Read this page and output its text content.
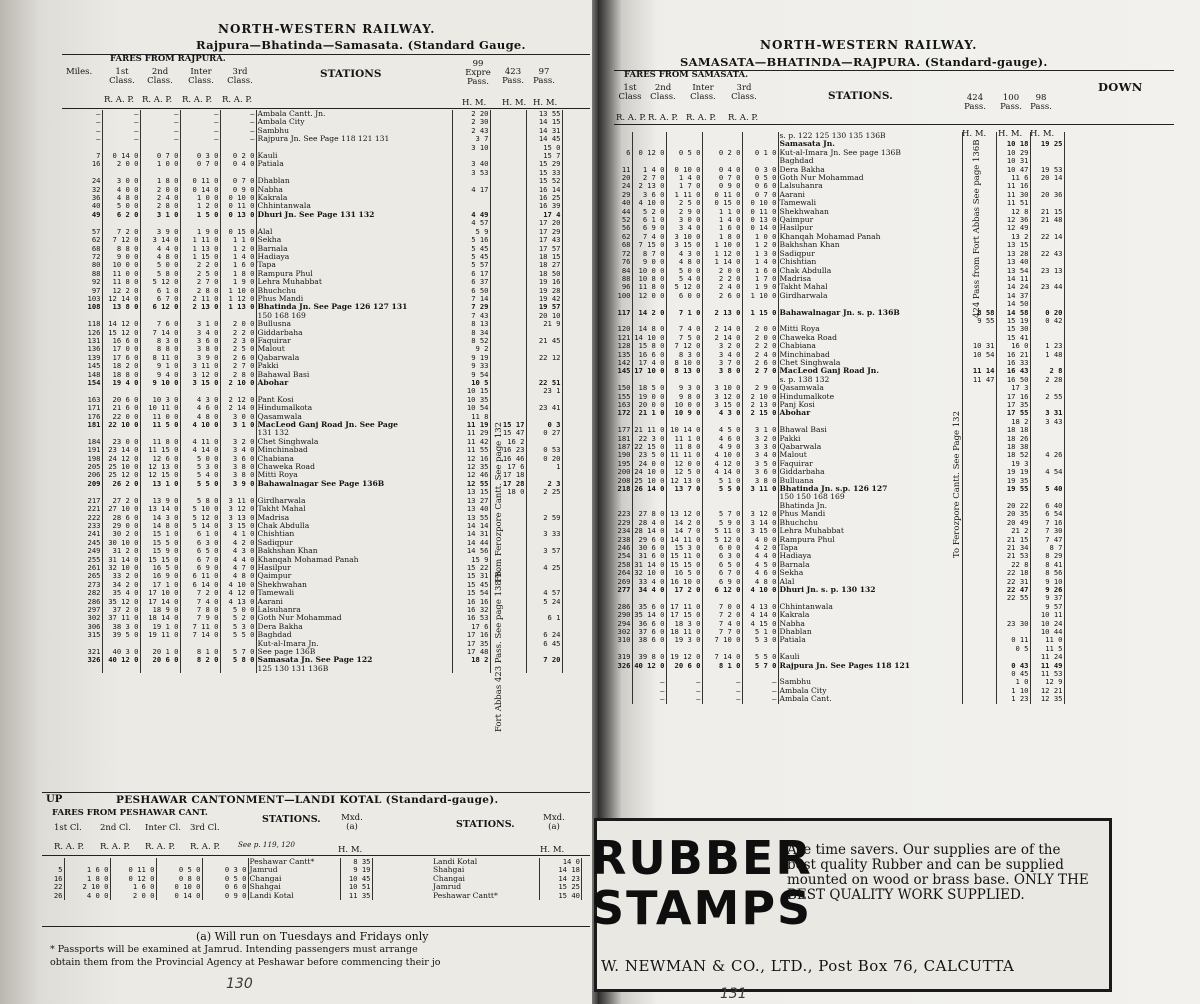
NORTH-WESTERN RAILWAY.
Rajpura—Bhatinda—Samasata. (Standard Gauge.
Miles.
FARES FROM RAJPURA.
1st Class.
2nd Class.
Inter Class.
3rd Class.
STATIONS
99 Expre Pass.
423 Pass.
97 Pass.
R. A. P. R. A. P. R. A. P. R. A. P.	H. M. H. M. H. M.
—	—	—	—	—	Ambala Cantt. Jn.	2 20		13 55
—	—	—	—	—	Ambala City	2 30		14 15
—	—	—	—	—	Sambhu	2 43		14 31
—	—	—	—	—	Rajpura Jn. See Page 118 121 131	3 7		14 45
						3 10		15 0
7	0 14 0	0 7 0	0 3 0	0 2 0	Kauli			15 7
16	2 0 0	1 0 0	0 7 0	0 4 0	Patiala	3 40		15 29
						3 53		15 33
24	3 0 0	1 8 0	0 11 0	0 7 0	Dhablan			15 52
32	4 0 0	2 0 0	0 14 0	0 9 0	Nabha	4 17		16 14
36	4 8 0	2 4 0	1 0 0	0 10 0	Kakrala			16 25
40	5 0 0	2 8 0	1 2 0	0 11 0	Chhintanwala			16 39
49	6 2 0	3 1 0	1 5 0	0 13 0	Dhuri Jn. See Page 131 132	4 49		17 4
						4 57		17 20
57	7 2 0	3 9 0	1 9 0	0 15 0	Alal	5 9		17 29
62	7 12 0	3 14 0	1 11 0	1 1 0	Sekha	5 16		17 43
68	8 8 0	4 4 0	1 13 0	1 2 0	Barnala	5 45		17 57
72	9 0 0	4 8 0	1 15 0	1 4 0	Hadiaya	5 45		18 15
80	10 0 0	5 0 0	2 2 0	1 6 0	Tapa	5 57		18 27
88	11 0 0	5 8 0	2 5 0	1 8 0	Rampura Phul	6 17		18 50
92	11 8 0	5 12 0	2 7 0	1 9 0	Lehra Muhabbat	6 37		19 16
97	12 2 0	6 1 0	2 8 0	1 10 0	Bhuchchu	6 50		19 28
103	12 14 0	6 7 0	2 11 0	1 12 0	Phus Mandi	7 14		19 42
108	13 8 0	6 12 0	2 13 0	1 13 0	Bhatinda Jn. See Page 126 127 131	7 29		19 57
					150 168 169	7 43		20 10
118	14 12 0	7 6 0	3 1 0	2 0 0	Bullusna	8 13		21 9
126	15 12 0	7 14 0	3 4 0	2 2 0	Giddarbaha	8 34		
131	16 6 0	8 3 0	3 6 0	2 3 0	Faquirar	8 52		21 45
136	17 0 0	8 8 0	3 8 0	2 5 0	Malout	9 2		
139	17 6 0	8 11 0	3 9 0	2 6 0	Qabarwala	9 19		22 12
145	18 2 0	9 1 0	3 11 0	2 7 0	Pakki	9 33		
148	18 8 0	9 4 0	3 12 0	2 8 0	Bahawal Basi	9 54		
154	19 4 0	9 10 0	3 15 0	2 10 0	Abohar	10 5		22 51
						10 15		23 1
163	20 6 0	10 3 0	4 3 0	2 12 0	Pant Kosi	10 35		
171	21 6 0	10 11 0	4 6 0	2 14 0	Hindumalkota	10 54		23 41
176	22 0 0	11 0 0	4 8 0	3 0 0	Qasamwala	11 8		
181	22 10 0	11 5 0	4 10 0	3 1 0	MacLeod Ganj Road Jn. See Page	11 19	15 17	0 3
					131 132	11 29	15 47	0 27
184	23 0 0	11 8 0	4 11 0	3 2 0	Chet Singhwala	11 42	16 2	
191	23 14 0	11 15 0	4 14 0	3 4 0	Minchinabad	11 55	16 23	0 53
198	24 12 0	12 6 0	5 0 0	3 6 0	Chabiana	12 16	16 46	0 20
205	25 10 0	12 13 0	5 3 0	3 8 0	Chaweka Road	12 35	17 6	1
206	25 12 0	12 15 0	5 4 0	3 8 0	Mitti Roya	12 46	17 18	
209	26 2 0	13 1 0	5 5 0	3 9 0	Bahawalnagar See Page 136B	12 55	17 28	2 3
						13 15	18 0	2 25
217	27 2 0	13 9 0	5 8 0	3 11 0	Girdharwala	13 27		
221	27 10 0	13 14 0	5 10 0	3 12 0	Takht Mahal	13 40		
222	28 6 0	14 3 0	5 12 0	3 13 0	Madrisa	13 55		2 59
233	29 0 0	14 8 0	5 14 0	3 15 0	Chak Abdulla	14 14		
241	30 2 0	15 1 0	6 1 0	4 1 0	Chishtian	14 31		3 33
245	30 10 0	15 5 0	6 3 0	4 2 0	Sadiqpur	14 44		
249	31 2 0	15 9 0	6 5 0	4 3 0	Bakhshan Khan	14 56		3 57
255	31 14 0	15 15 0	6 7 0	4 4 0	Khanqah Mohamad Panah	15 9		
261	32 10 0	16 5 0	6 9 0	4 7 0	Hasilpur	15 22		4 25
265	33 2 0	16 9 0	6 11 0	4 8 0	Qaimpur	15 31		
273	34 2 0	17 1 0	6 14 0	4 10 0	Shekhwahan	15 45		
282	35 4 0	17 10 0	7 2 0	4 12 0	Tamewali	15 54		4 57
286	35 12 0	17 14 0	7 4 0	4 13 0	Aarani	16 16		5 24
297	37 2 0	18 9 0	7 8 0	5 0 0	Lalsuhanra	16 32		
302	37 11 0	18 14 0	7 9 0	5 2 0	Goth Nur Mohammad	16 53		6 1
306	38 3 0	19 1 0	7 11 0	5 3 0	Dera Bakha	17 6		
315	39 5 0	19 11 0	7 14 0	5 5 0	Baghdad	17 16		6 24
					Kut-al-Imara Jn.	17 35		6 45
321	40 3 0	20 1 0	8 1 0	5 7 0	See page 136B	17 48		
326	40 12 0	20 6 0	8 2 0	5 8 0	Samasata Jn. See Page 122	18 2		7 20
					125 130 131 136B			
From Ferozpore Cantt. See page 132
Fort Abbas 423 Pass. See page 138 B.
UP	PESHAWAR CANTONMENT—LANDI KOTAL (Standard-gauge).
FARES FROM PESHAWAR CANT.
1st Cl. 2nd Cl. Inter Cl. 3rd Cl.
R. A. P. R. A. P. R. A. P. R. A. P.
STATIONS. Mxd. (a)
H. M.
STATIONS.
Mxd. (a)
H. M.
See p. 119, 120
					Peshawar Cantt*	8 35
5	1 6 0	0 11 0	0 5 0	0 3 0	Jamrud	9 19
16	1 8 0	0 12 0	0 8 0	0 5 0	Changai	10 45
22	2 10 0	1 6 0	0 10 0	0 6 0	Shahgai	10 51
26	4 0 0	2 0 0	0 14 0	0 9 0	Landi Kotal	11 35
Landi Kotal	14 0
Shahgai	14 18
Changai	14 23
Jamrud	15 25
Peshawar Cantt*	15 40
(a) Will run on Tuesdays and Fridays only
* Passports will be examined at Jamrud. Intending passengers must arrange
obtain them from the Provincial Agency at Peshawar before commencing their jo
130
NORTH-WESTERN RAILWAY.
SAMASATA—BHATINDA—RAJPURA. (Standard-gauge).
DOWN
FARES FROM SAMASATA.
1st Class
2nd Class.
Inter Class.
3rd Class.	STATIONS.	424 Pass.
100 Pass.
98 Pass.
R. A. P. R. A. P. R. A. P. R. A. P.
H. M. H. M. H. M.
					s. p. 122 125 130 135 136B			
					Samasata Jn.		10 18	19 25
6	0 12 0	0 5 0	0 2 0	0 1 0	Kut-al-Imara Jn. See page 136B		10 29	
					Baghdad		10 31	
11	1 4 0	0 10 0	0 4 0	0 3 0	Dera Bakha		10 47	19 53
20	2 7 0	1 4 0	0 7 0	0 5 0	Goth Nur Mohammad		11 6	20 14
24	2 13 0	1 7 0	0 9 0	0 6 0	Lalsuhanra		11 16	
29	3 6 0	1 11 0	0 11 0	0 7 0	Aarani		11 30	20 36
40	4 10 0	2 5 0	0 15 0	0 10 0	Tamewali		11 51	
44	5 2 0	2 9 0	1 1 0	0 11 0	Shekhwahan		12 8	21 15
52	6 1 0	3 0 0	1 4 0	0 13 0	Qaimpur		12 36	21 48
56	6 9 0	3 4 0	1 6 0	0 14 0	Hasilpur		12 49	
62	7 4 0	3 10 0	1 8 0	1 0 0	Khanqah Mohamad Panah		13 2	22 14
68	7 15 0	3 15 0	1 10 0	1 2 0	Bakhshan Khan		13 15	
72	8 7 0	4 3 0	1 12 0	1 3 0	Sadiqpur		13 28	22 43
76	9 0 0	4 8 0	1 14 0	1 4 0	Chishtian		13 40	
84	10 0 0	5 0 0	2 0 0	1 6 0	Chak Abdulla		13 54	23 13
88	10 8 0	5 4 0	2 2 0	1 7 0	Madrisa		14 11	
96	11 8 0	5 12 0	2 4 0	1 9 0	Takht Mahal		14 24	23 44
100	12 0 0	6 0 0	2 6 0	1 10 0	Girdharwala		14 37	
							14 50	
117	14 2 0	7 1 0	2 13 0	1 15 0	Bahawalnagar Jn. s. p. 136B	8 58	14 58	0 20
						9 55	15 19	0 42
120	14 8 0	7 4 0	2 14 0	2 0 0	Mitti Roya		15 30	
121	14 10 0	7 5 0	2 14 0	2 0 0	Chaweka Road		15 41	
128	15 8 0	7 12 0	3 2 0	2 2 0	Chabiana	10 31	16 0	1 23
135	16 6 0	8 3 0	3 4 0	2 4 0	Minchinabad	10 54	16 21	1 48
142	17 4 0	8 10 0	3 7 0	2 6 0	Chet Singhwala		16 33	
145	17 10 0	8 13 0	3 8 0	2 7 0	MacLeod Ganj Road Jn.	11 14	16 43	2 8
					s. p. 138 132	11 47	16 50	2 28
150	18 5 0	9 3 0	3 10 0	2 9 0	Qasamwala		17 3	
155	19 0 0	9 8 0	3 12 0	2 10 0	Hindumalkote		17 16	2 55
163	20 0 0	10 0 0	3 15 0	2 13 0	Panj Kosi		17 35	
172	21 1 0	10 9 0	4 3 0	2 15 0	Abohar		17 55	3 31
							18 2	3 43
177	21 11 0	10 14 0	4 5 0	3 1 0	Bhawal Basi		18 18	
181	22 3 0	11 1 0	4 6 0	3 2 0	Pakki		18 26	
187	22 15 0	11 8 0	4 9 0	3 3 0	Qabarwala		18 38	
190	23 5 0	11 11 0	4 10 0	3 4 0	Malout		18 52	4 26
195	24 0 0	12 0 0	4 12 0	3 5 0	Faquirar		19 3	
200	24 10 0	12 5 0	4 14 0	3 6 0	Giddarbaha		19 19	4 54
208	25 10 0	12 13 0	5 1 0	3 8 0	Bulluana		19 35	
218	26 14 0	13 7 0	5 5 0	3 11 0	Bhatinda Jn. s.p. 126 127		19 55	5 40
					150 150 168 169			
					Bhatinda Jn.		20 22	6 40
223	27 8 0	13 12 0	5 7 0	3 12 0	Phus Mandi		20 35	6 54
229	28 4 0	14 2 0	5 9 0	3 14 0	Bhuchchu		20 49	7 16
234	28 14 0	14 7 0	5 11 0	3 15 0	Lehra Muhabbat		21 2	7 30
238	29 6 0	14 11 0	5 12 0	4 0 0	Rampura Phul		21 15	7 47
246	30 6 0	15 3 0	6 0 0	4 2 0	Tapa		21 34	8 7
254	31 6 0	15 11 0	6 3 0	4 4 0	Hadiaya		21 53	8 29
258	31 14 0	15 15 0	6 5 0	4 5 0	Barnala		22 8	8 41
264	32 10 0	16 5 0	6 7 0	4 6 0	Sekha		22 18	8 56
269	33 4 0	16 10 0	6 9 0	4 8 0	Alal		22 31	9 10
277	34 4 0	17 2 0	6 12 0	4 10 0	Dhuri Jn. s. p. 130 132		22 47	9 26
							22 55	9 37
286	35 6 0	17 11 0	7 0 0	4 13 0	Chhintanwala			9 57
290	35 14 0	17 15 0	7 2 0	4 14 0	Kakrala			10 11
294	36 6 0	18 3 0	7 4 0	4 15 0	Nabha		23 30	10 24
302	37 6 0	18 11 0	7 7 0	5 1 0	Dhablan			10 44
310	38 6 0	19 3 0	7 10 0	5 3 0	Patiala		0 11	11 0
							0 5	11 5
319	39 8 0	19 12 0	7 14 0	5 5 0	Kauli			11 24
326	40 12 0	20 6 0	8 1 0	5 7 0	Rajpura Jn. See Pages 118 121		0 43	11 49
							0 45	11 53
	—	—	—	—	Sambhu		1 0	12 9
	—	—	—	—	Ambala City		1 10	12 21
	—	—	—	—	Ambala Cant.		1 23	12 35
424 Pass from Fort Abbas See page 136B
To Ferozpore Cantt. See Page 132
RUBBER
STAMPS
Are time savers. Our supplies are of the best quality Rubber and can be supplied mounted on wood or brass base. ONLY THE BEST QUALITY WORK SUPPLIED.
W. NEWMAN & CO., LTD., Post Box 76, CALCUTTA
131
